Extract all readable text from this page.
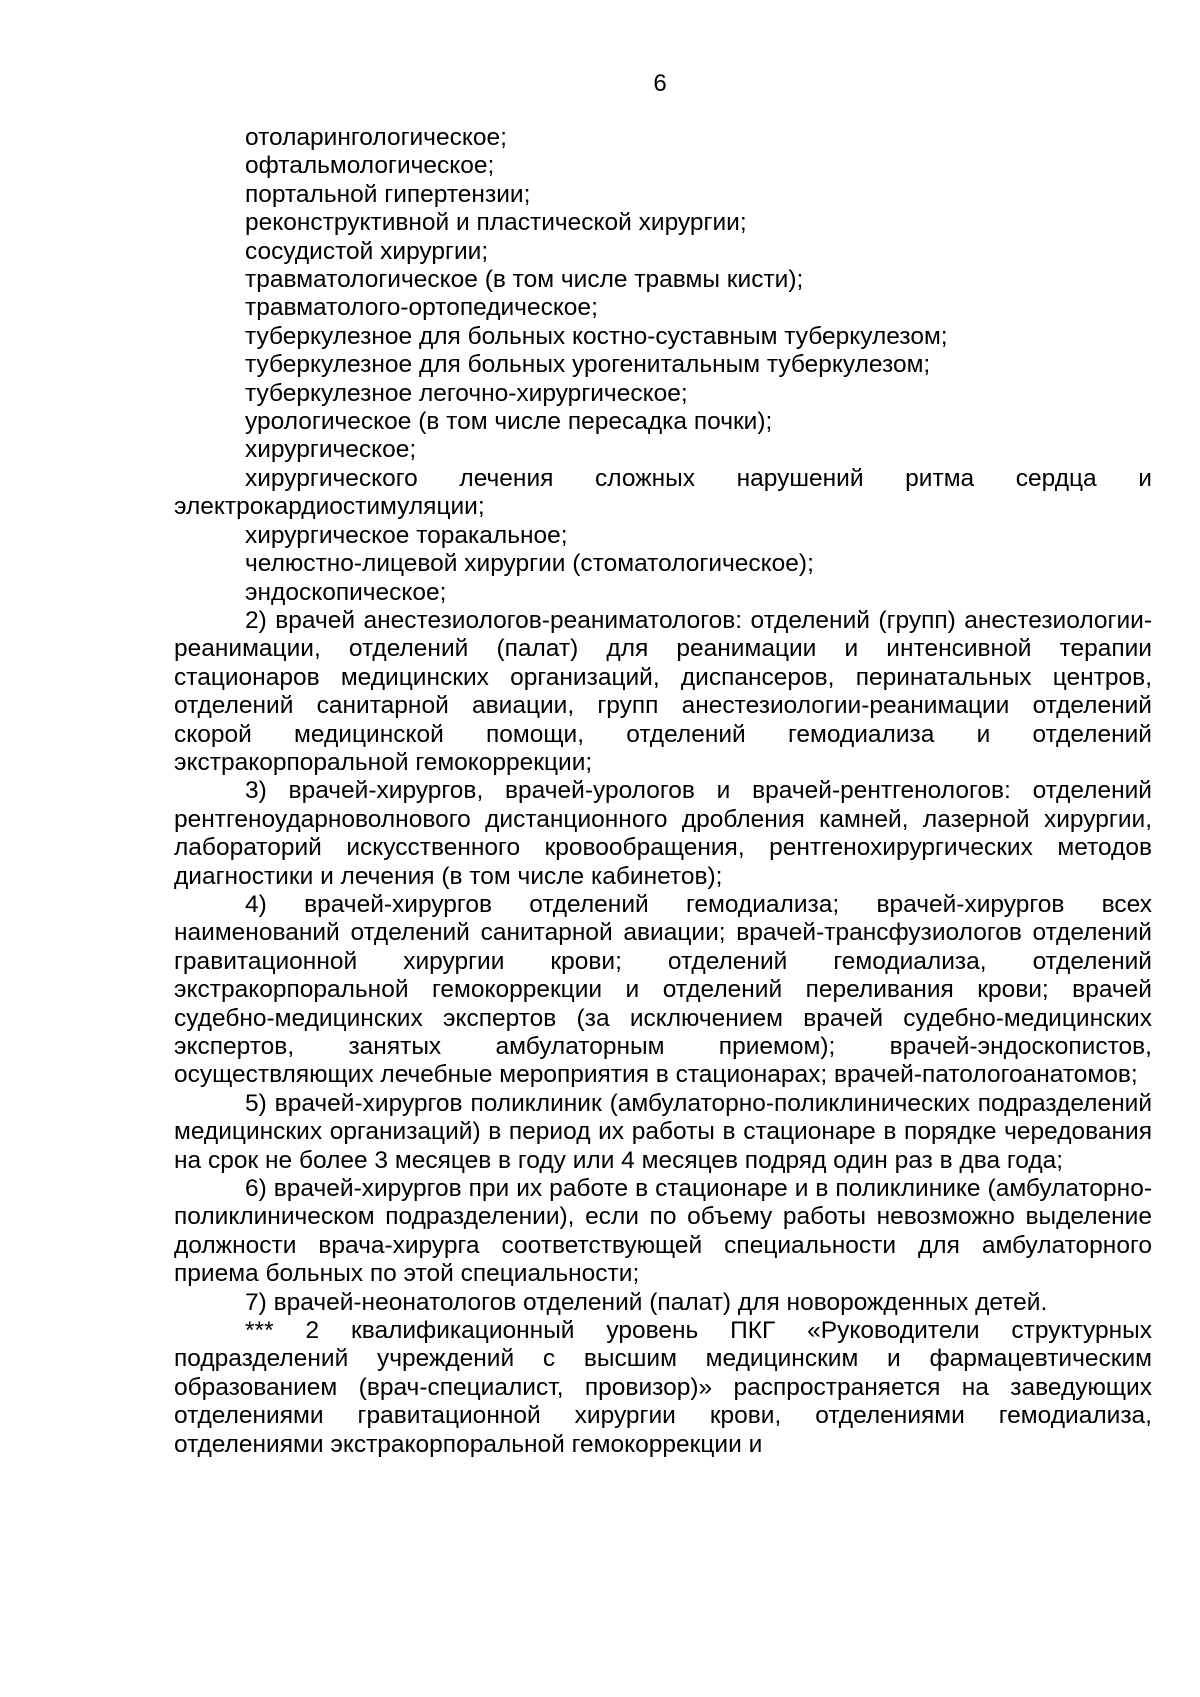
6

отоларингологическое;

офтальмологическое;

портальной гипертензии;

реконструктивной и пластической хирургии;

сосудистой хирургии;

травматологическое (в том числе травмы кисти);

травматолого-ортопедическое;

туберкулезное для больных костно-суставным туберкулезом;

туберкулезное для больных урогенитальным туберкулезом;

туберкулезное легочно-хирургическое;

урологическое (в том числе пересадка почки);

хирургическое;

хирургического лечения сложных нарушений ритма сердца и электрокардиостимуляции;

хирургическое торакальное;

челюстно-лицевой хирургии (стоматологическое);

эндоскопическое;

2) врачей анестезиологов-реаниматологов: отделений (групп) анестезиологии-реанимации, отделений (палат) для реанимации и интенсивной терапии стационаров медицинских организаций, диспансеров, перинатальных центров, отделений санитарной авиации, групп анестезиологии-реанимации отделений скорой медицинской помощи, отделений гемодиализа и отделений экстракорпоральной гемокоррекции;

3) врачей-хирургов, врачей-урологов и врачей-рентгенологов: отделений рентгеноударноволнового дистанционного дробления камней, лазерной хирургии, лабораторий искусственного кровообращения, рентгенохирургических методов диагностики и лечения (в том числе кабинетов);

4) врачей-хирургов отделений гемодиализа; врачей-хирургов всех наименований отделений санитарной авиации; врачей-трансфузиологов отделений гравитационной хирургии крови; отделений гемодиализа, отделений экстракорпоральной гемокоррекции и отделений переливания крови; врачей судебно-медицинских экспертов (за исключением врачей судебно-медицинских экспертов, занятых амбулаторным приемом); врачей-эндоскопистов, осуществляющих лечебные мероприятия в стационарах; врачей-патологоанатомов;

5) врачей-хирургов поликлиник (амбулаторно-поликлинических подразделений медицинских организаций) в период их работы в стационаре в порядке чередования на срок не более 3 месяцев в году или 4 месяцев подряд один раз в два года;

6) врачей-хирургов при их работе в стационаре и в поликлинике (амбулаторно-поликлиническом подразделении), если по объему работы невозможно выделение должности врача-хирурга соответствующей специальности для амбулаторного приема больных по этой специальности;

7) врачей-неонатологов отделений (палат) для новорожденных детей.

*** 2 квалификационный уровень ПКГ «Руководители структурных подразделений учреждений с высшим медицинским и фармацевтическим образованием (врач-специалист, провизор)» распространяется на заведующих отделениями гравитационной хирургии крови, отделениями гемодиализа, отделениями экстракорпоральной гемокоррекции и
